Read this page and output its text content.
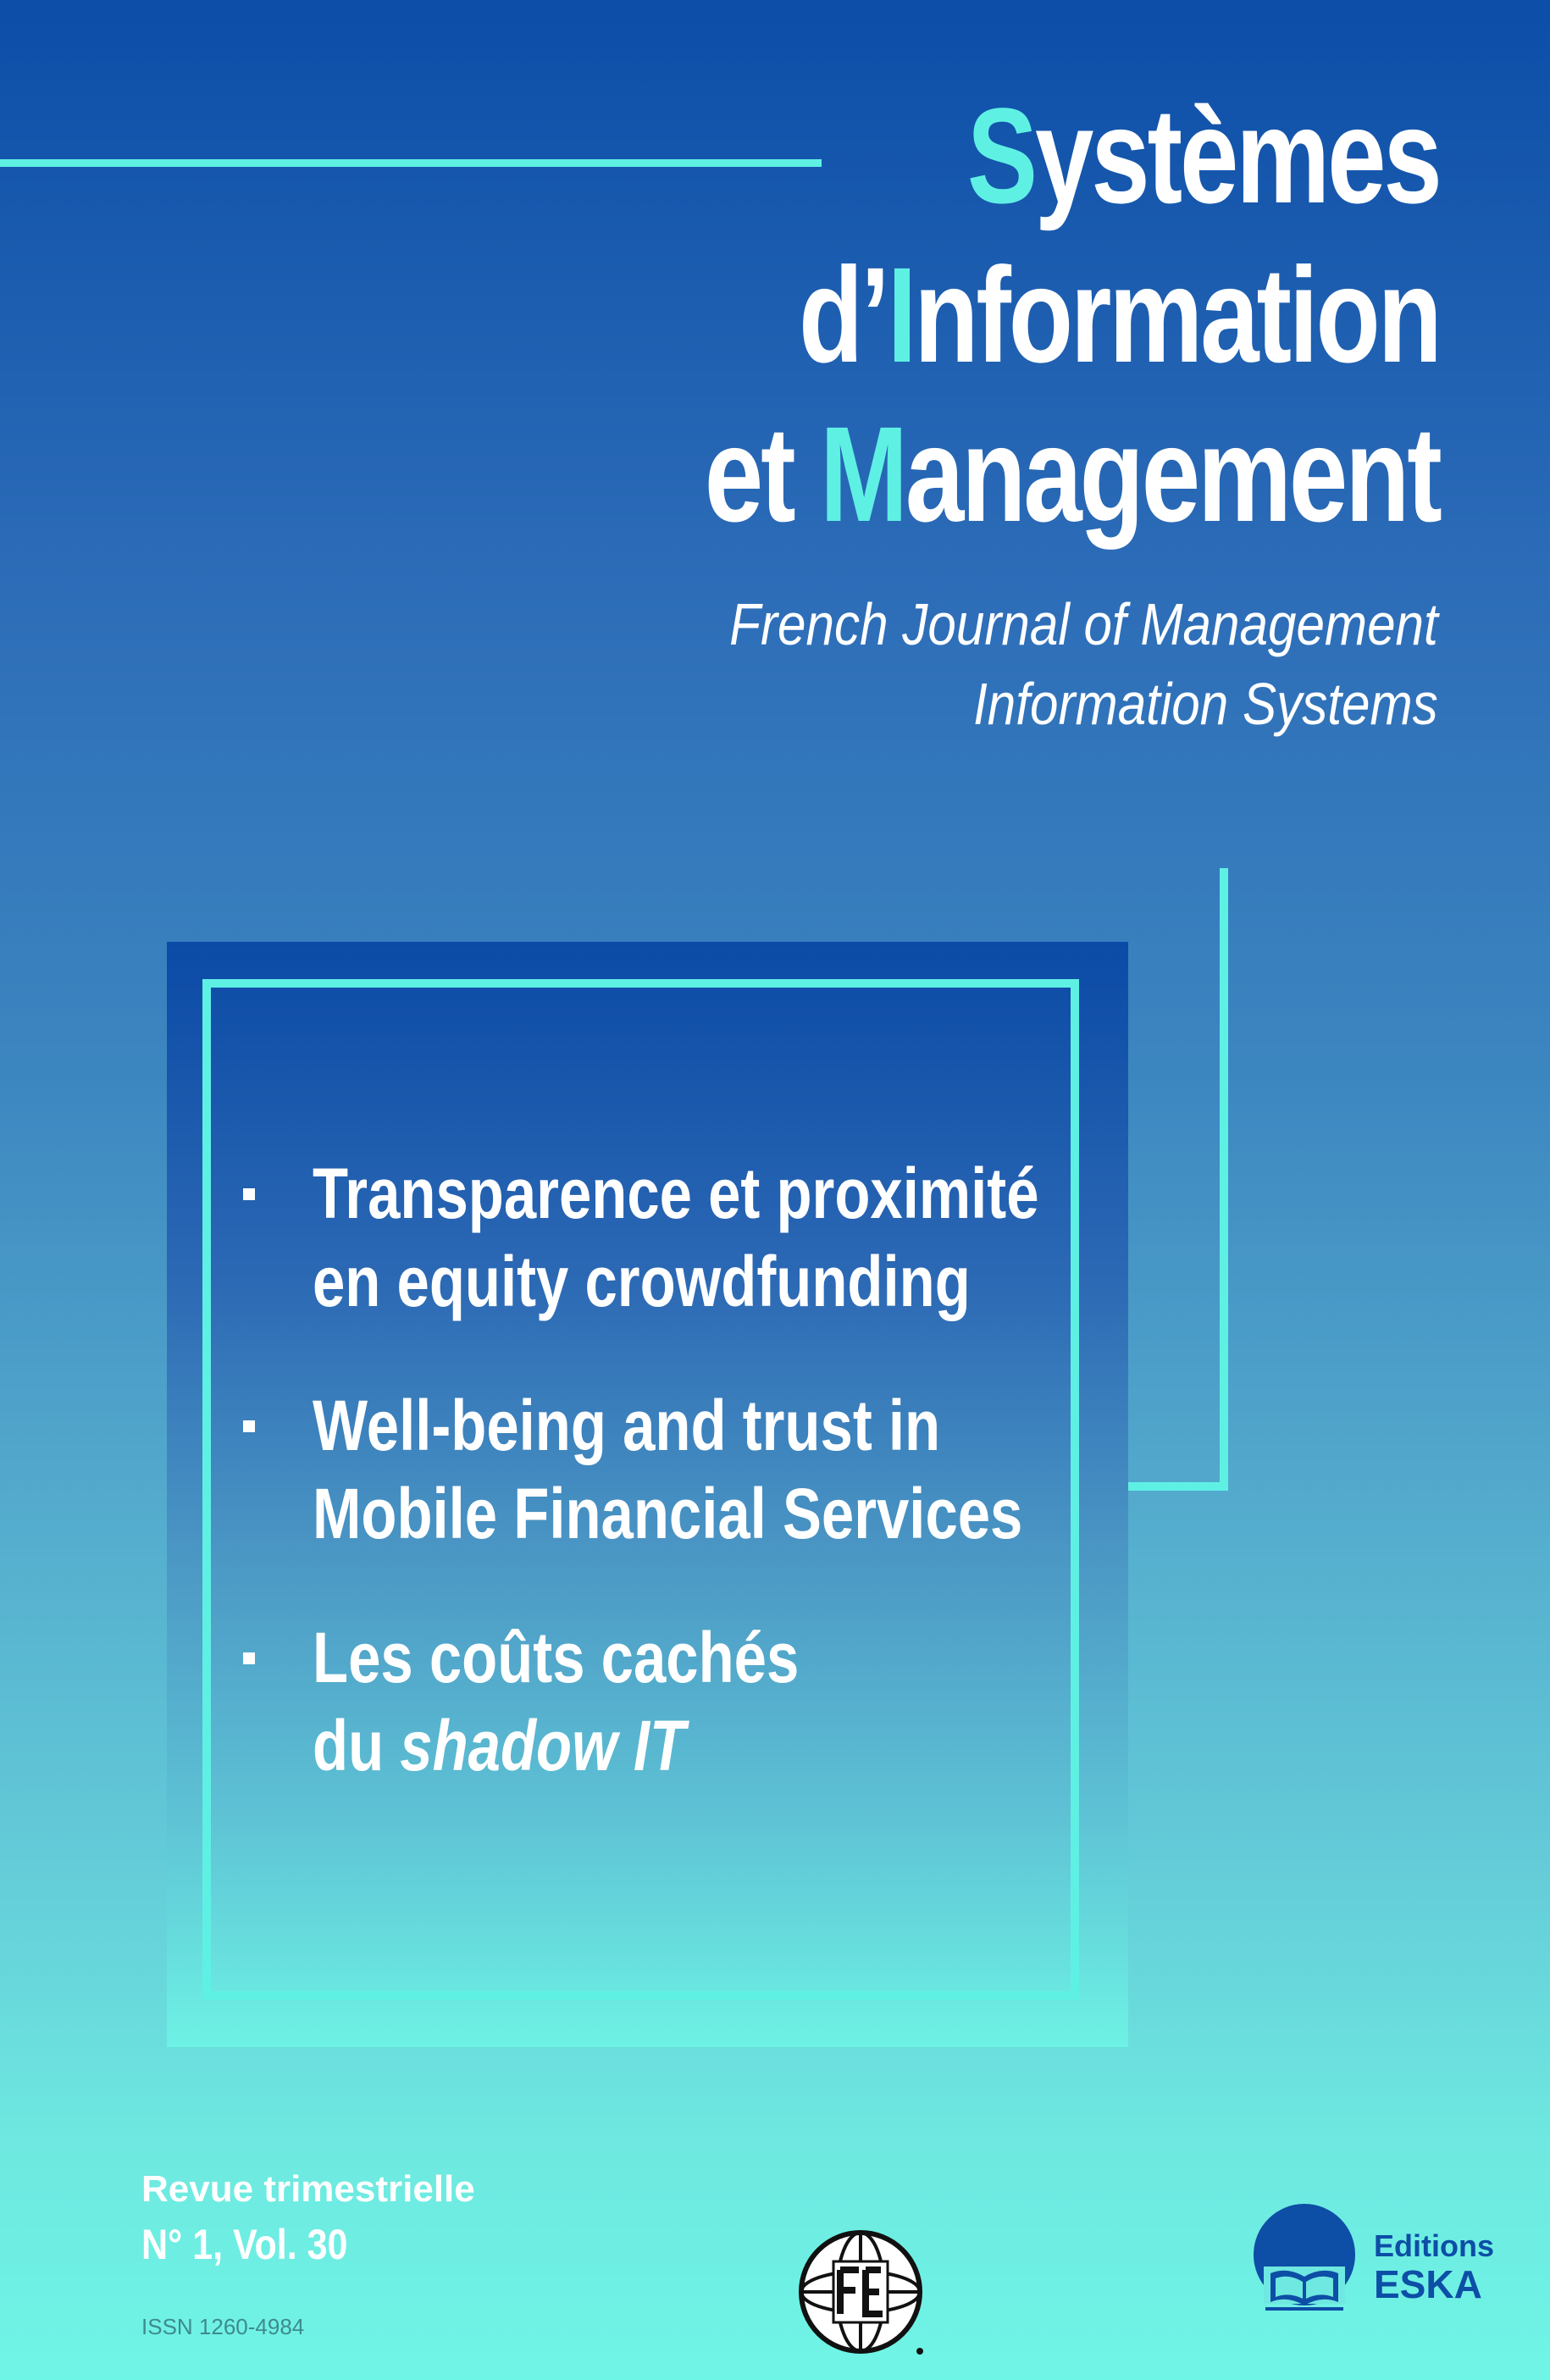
Systèmes
d’Information
et Management
French Journal of Management
Information Systems
Transparence et proximité
en equity crowdfunding
Well-being and trust in
Mobile Financial Services
Les coûts cachés
du shadow IT
Revue trimestrielle
N° 1, Vol. 30
ISSN 1260-4984
Editions
ESKA
